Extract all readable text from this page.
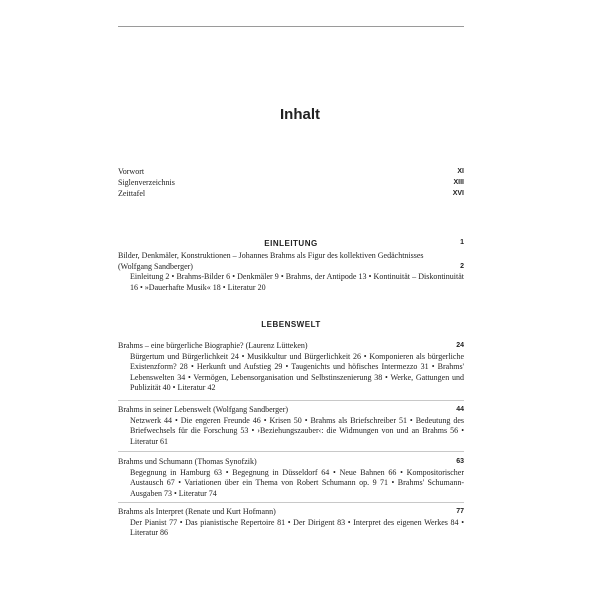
Inhalt
Vorwort	XI
Siglenverzeichnis	XIII
Zeittafel	XVI
EINLEITUNG	1
Bilder, Denkmäler, Konstruktionen – Johannes Brahms als Figur des kollektiven Gedächtnisses (Wolfgang Sandberger)	2
Einleitung 2 • Brahms-Bilder 6 • Denkmäler 9 • Brahms, der Antipode 13 • Kontinuität – Diskontinuität 16 • »Dauerhafte Musik« 18 • Literatur 20
LEBENSWELT
Brahms – eine bürgerliche Biographie? (Laurenz Lütteken)	24
Bürgertum und Bürgerlichkeit 24 • Musikkultur und Bürgerlichkeit 26 • Komponieren als bürgerliche Existenzform? 28 • Herkunft und Aufstieg 29 • Taugenichts und höfisches Intermezzo 31 • Brahms' Lebenswelten 34 • Vermögen, Lebensorganisation und Selbstinszenierung 38 • Werke, Gattungen und Publizität 40 • Literatur 42
Brahms in seiner Lebenswelt (Wolfgang Sandberger)	44
Netzwerk 44 • Die engeren Freunde 46 • Krisen 50 • Brahms als Briefschreiber 51 • Bedeutung des Briefwechsels für die Forschung 53 • ›Beziehungszauber‹: die Widmungen von und an Brahms 56 • Literatur 61
Brahms und Schumann (Thomas Synofzik)	63
Begegnung in Hamburg 63 • Begegnung in Düsseldorf 64 • Neue Bahnen 66 • Kompositorischer Austausch 67 • Variationen über ein Thema von Robert Schumann op. 9 71 • Brahms' Schumann-Ausgaben 73 • Literatur 74
Brahms als Interpret (Renate und Kurt Hofmann)	77
Der Pianist 77 • Das pianistische Repertoire 81 • Der Dirigent 83 • Interpret des eigenen Werkes 84 • Literatur 86
